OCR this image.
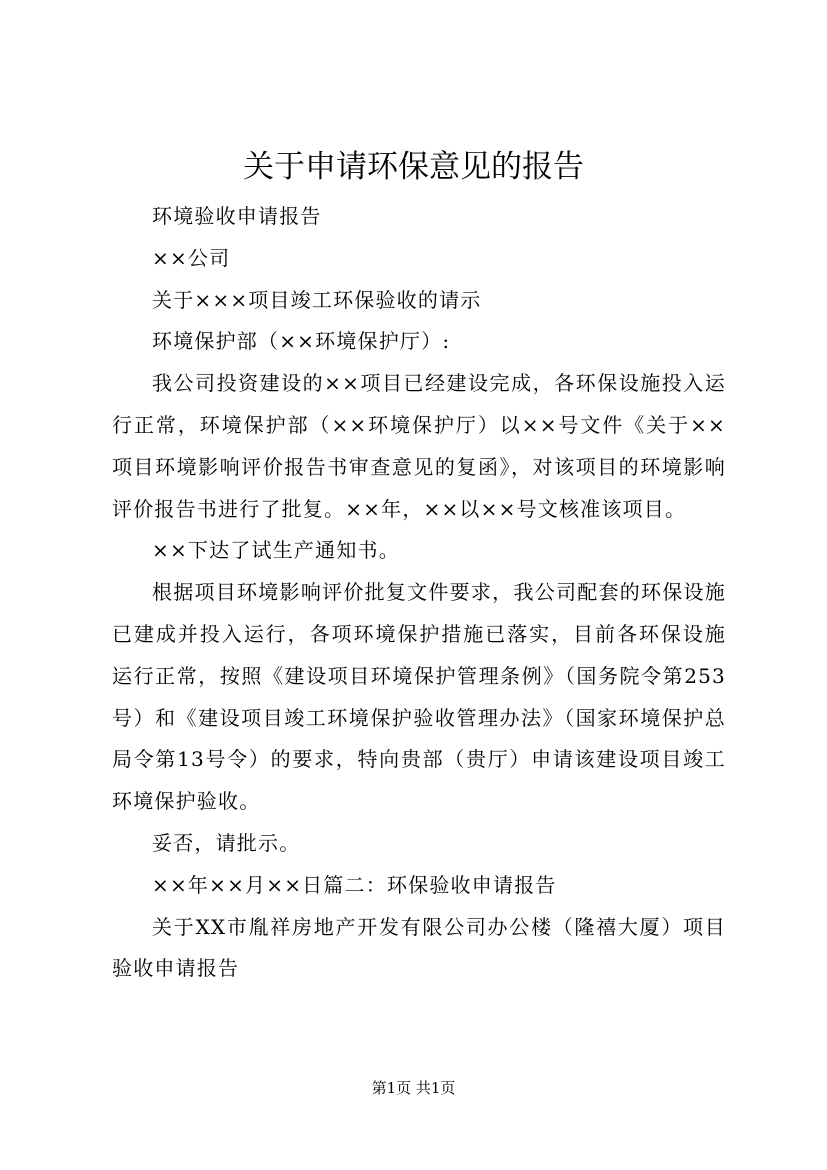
关于申请环保意见的报告

环境验收申请报告

××公司

关于×××项目竣工环保验收的请示

环境保护部（××环境保护厅）:

我公司投资建设的××项目已经建设完成，各环保设施投入运行正常，环境保护部（××环境保护厅）以××号文件《关于××项目环境影响评价报告书审查意见的复函》，对该项目的环境影响评价报告书进行了批复。××年，××以××号文核准该项目。

××下达了试生产通知书。

根据项目环境影响评价批复文件要求，我公司配套的环保设施已建成并投入运行，各项环境保护措施已落实，目前各环保设施运行正常，按照《建设项目环境保护管理条例》（国务院令第253号）和《建设项目竣工环境保护验收管理办法》（国家环境保护总局令第13号令）的要求，特向贵部（贵厅）申请该建设项目竣工环境保护验收。

妥否，请批示。

××年××月××日篇二：环保验收申请报告

关于XX市胤祥房地产开发有限公司办公楼（隆禧大厦）项目验收申请报告

第1页 共1页
